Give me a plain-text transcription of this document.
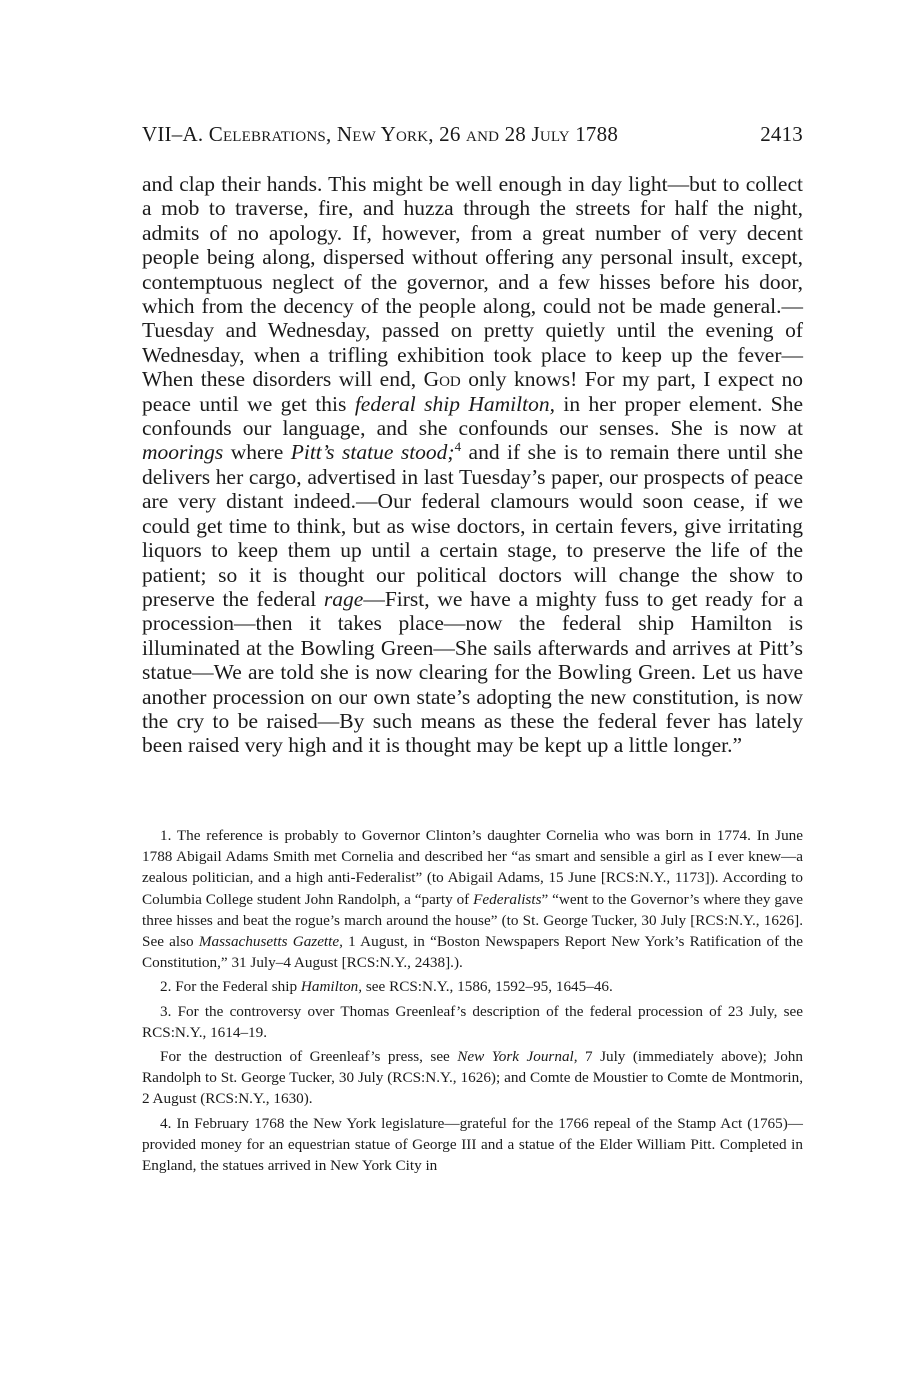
VII–A. Celebrations, New York, 26 and 28 July 1788	2413

and clap their hands. This might be well enough in day light—but to collect a mob to traverse, fire, and huzza through the streets for half the night, admits of no apology. If, however, from a great number of very decent people being along, dispersed without offering any personal insult, except, contemptuous neglect of the governor, and a few hisses before his door, which from the decency of the people along, could not be made general.—Tuesday and Wednesday, passed on pretty quietly until the evening of Wednesday, when a trifling exhibition took place to keep up the fever—When these disorders will end, God only knows! For my part, I expect no peace until we get this federal ship Hamilton, in her proper element. She confounds our language, and she confounds our senses. She is now at moorings where Pitt’s statue stood;$^4$ and if she is to remain there until she delivers her cargo, advertised in last Tuesday’s paper, our prospects of peace are very distant indeed.—Our federal clamours would soon cease, if we could get time to think, but as wise doctors, in certain fevers, give irritating liquors to keep them up until a certain stage, to preserve the life of the patient; so it is thought our political doctors will change the show to preserve the federal rage—First, we have a mighty fuss to get ready for a procession—then it takes place—now the federal ship Hamilton is illuminated at the Bowling Green—She sails afterwards and arrives at Pitt’s statue—We are told she is now clearing for the Bowling Green. Let us have another procession on our own state’s adopting the new constitution, is now the cry to be raised—By such means as these the federal fever has lately been raised very high and it is thought may be kept up a little longer.”

1. The reference is probably to Governor Clinton’s daughter Cornelia who was born in 1774. In June 1788 Abigail Adams Smith met Cornelia and described her “as smart and sensible a girl as I ever knew—a zealous politician, and a high anti-Federalist” (to Abigail Adams, 15 June [RCS:N.Y., 1173]). According to Columbia College student John Randolph, a “party of Federalists” “went to the Governor’s where they gave three hisses and beat the rogue’s march around the house” (to St. George Tucker, 30 July [RCS:N.Y., 1626]. See also Massachusetts Gazette, 1 August, in “Boston Newspapers Report New York’s Ratification of the Constitution,” 31 July–4 August [RCS:N.Y., 2438].).

2. For the Federal ship Hamilton, see RCS:N.Y., 1586, 1592–95, 1645–46.

3. For the controversy over Thomas Greenleaf’s description of the federal procession of 23 July, see RCS:N.Y., 1614–19.

For the destruction of Greenleaf’s press, see New York Journal, 7 July (immediately above); John Randolph to St. George Tucker, 30 July (RCS:N.Y., 1626); and Comte de Moustier to Comte de Montmorin, 2 August (RCS:N.Y., 1630).

4. In February 1768 the New York legislature—grateful for the 1766 repeal of the Stamp Act (1765)—provided money for an equestrian statue of George III and a statue of the Elder William Pitt. Completed in England, the statues arrived in New York City in
